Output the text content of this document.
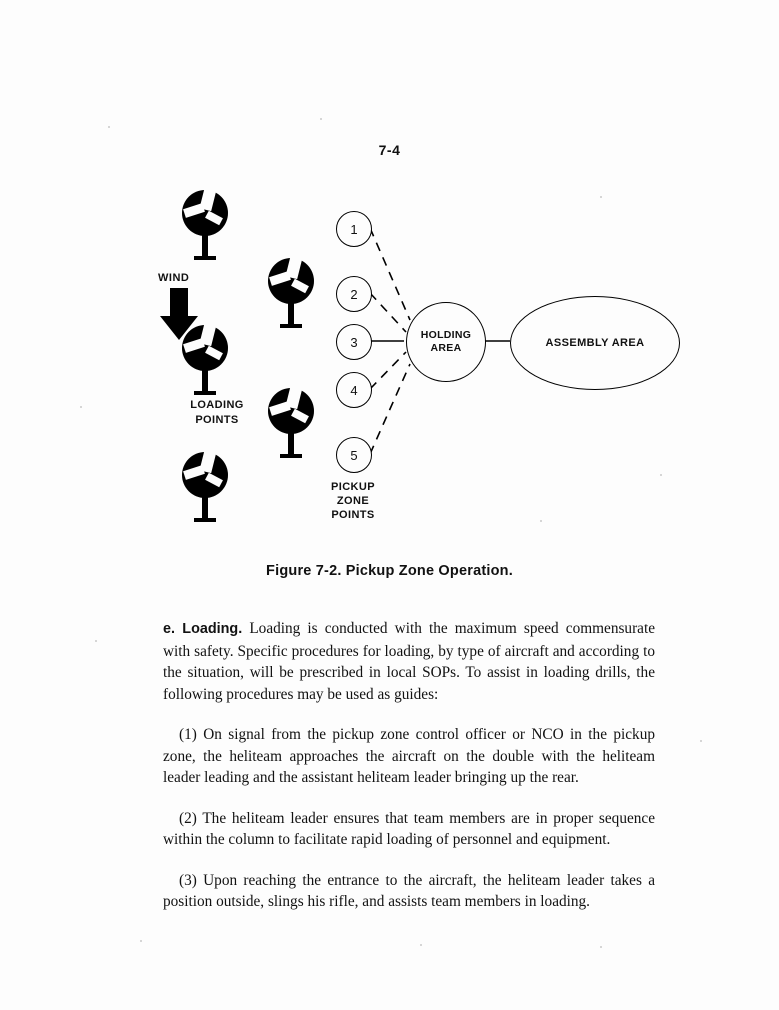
7-4
WIND
LOADING
POINTS
1
2
3
4
5
PICKUP
ZONE
POINTS
HOLDING
AREA	ASSEMBLY AREA
Figure 7-2. Pickup Zone Operation.

e. Loading. Loading is conducted with the maximum speed commensurate with safety. Specific procedures for loading, by type of aircraft and according to the situation, will be prescribed in local SOPs. To assist in loading drills, the following procedures may be used as guides:

(1) On signal from the pickup zone control officer or NCO in the pickup zone, the heliteam approaches the aircraft on the double with the heliteam leader leading and the assistant heliteam leader bringing up the rear.

(2) The heliteam leader ensures that team members are in proper sequence within the column to facilitate rapid loading of personnel and equipment.

(3) Upon reaching the entrance to the aircraft, the heliteam leader takes a position outside, slings his rifle, and assists team members in loading.
